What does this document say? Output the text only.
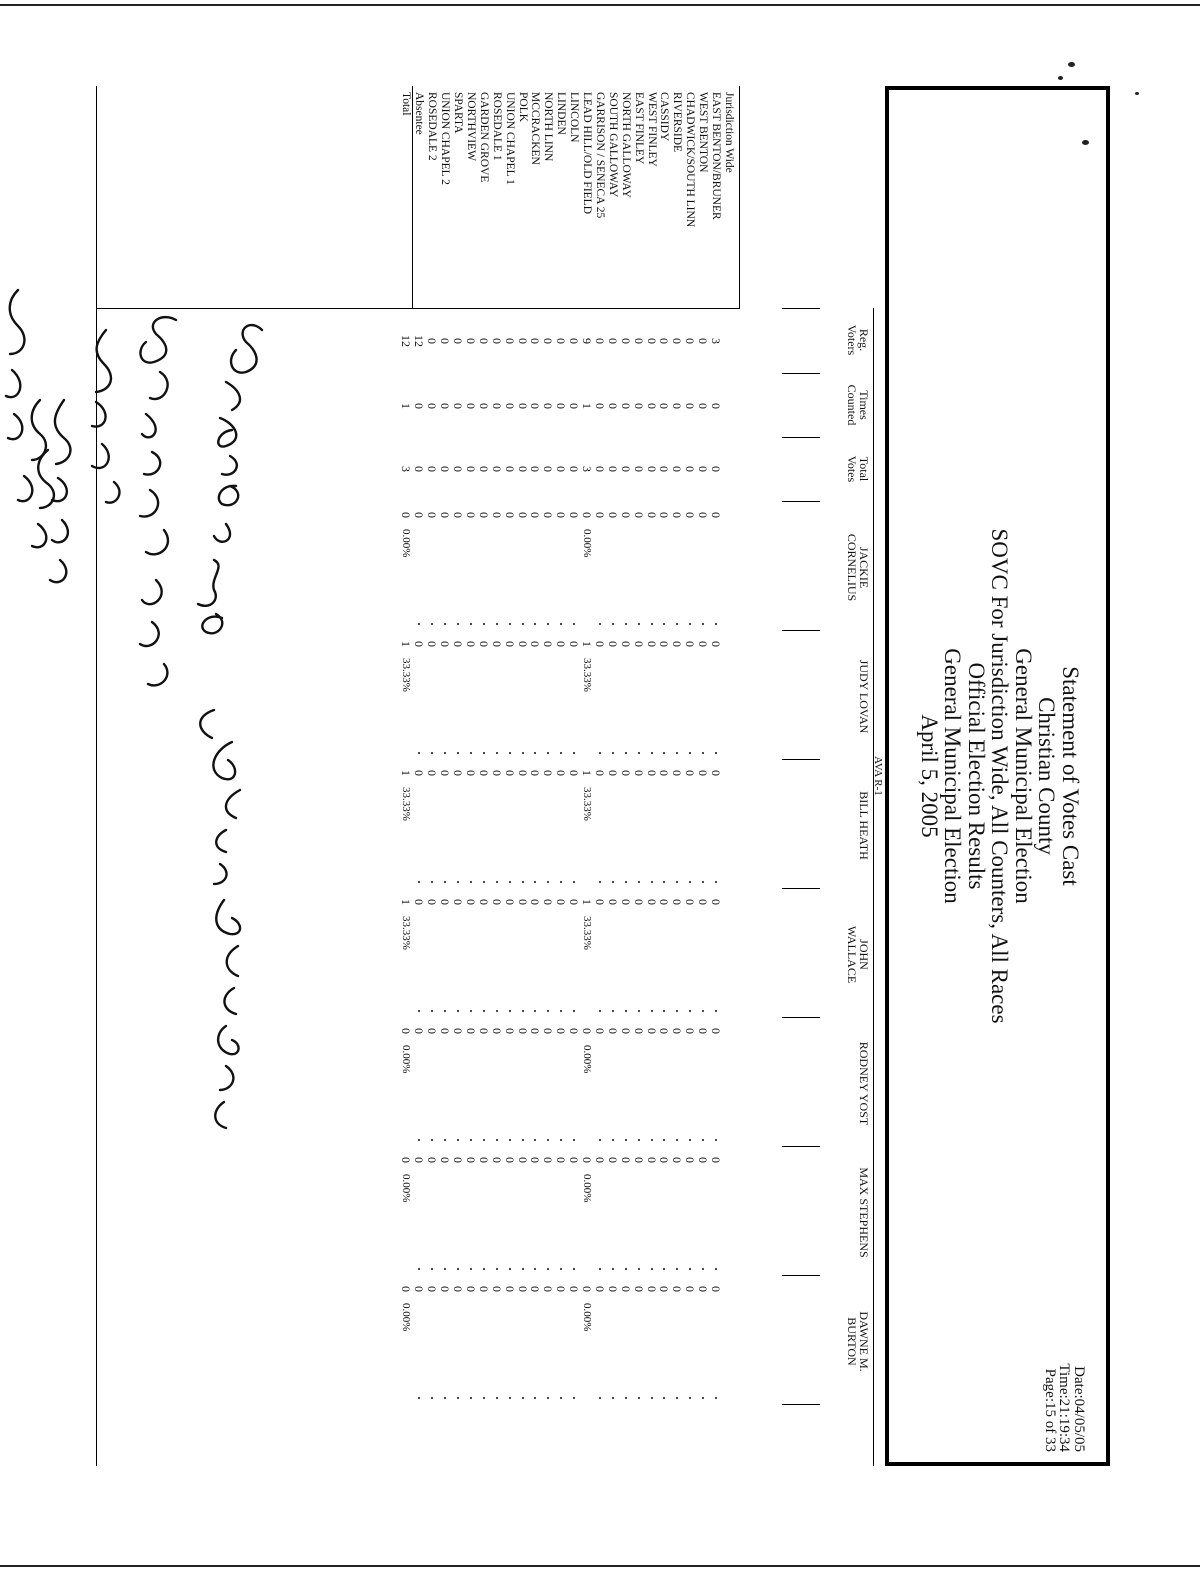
Statement of Votes Cast
Christian County
General Municipal Election
SOVC For Jurisdiction Wide, All Counters, All Races
Official Election Results
General Municipal Election
April 5, 2005
Date:04/05/05
Time:21:19:34
Page:15 of 33
AVA R-1
Reg.
Voters
Times
Counted
Total
Votes
JACKIE
CORNELIUS
JUDY LOVAN
BILL HEATH
JOHN
WALLACE
RODNEY YOST
MAX STEPHENS
DAWNE M.
BURTON
Jurisdiction Wide
EAST BENTON/BRUNER
3
0
0
0
0
0
0
0
0
0
WEST BENTON
0
0
0
0
0
0
0
0
0
0
CHADWICK/SOUTH LINN
0
0
0
0
0
0
0
0
0
0
RIVERSIDE
0
0
0
0
0
0
0
0
0
0
CASSIDY
0
0
0
0
0
0
0
0
0
0
WEST FINLEY
0
0
0
0
0
0
0
0
0
0
EAST FINLEY
0
0
0
0
0
0
0
0
0
0
NORTH GALLOWAY
0
0
0
0
0
0
0
0
0
0
SOUTH GALLOWAY
0
0
0
0
0
0
0
0
0
0
GARRISON / SENECA 25
0
0
0
0
0
0
0
0
0
0
LEAD HILL/OLD FIELD
9
1
3
0
0.00%
1
33.33%
1
33.33%
1
33.33%
0
0.00%
0
0.00%
0
0.00%
LINCOLN
0
0
0
0
0
0
0
0
0
0
LINDEN
0
0
0
0
0
0
0
0
0
0
NORTH LINN
0
0
0
0
0
0
0
0
0
0
MCCRACKEN
0
0
0
0
0
0
0
0
0
0
POLK
0
0
0
0
0
0
0
0
0
0
UNION CHAPEL 1
0
0
0
0
0
0
0
0
0
0
ROSEDALE 1
0
0
0
0
0
0
0
0
0
0
GARDEN GROVE
0
0
0
0
0
0
0
0
0
0
NORTHVIEW
0
0
0
0
0
0
0
0
0
0
SPARTA
0
0
0
0
0
0
0
0
0
0
UNION CHAPEL 2
0
0
0
0
0
0
0
0
0
0
ROSEDALE 2
0
0
0
0
0
0
0
0
0
0
Absentee
12
0
0
0
0
0
0
0
0
0
Total
12
1
3
0
0.00%
1
33.33%
1
33.33%
1
33.33%
0
0.00%
0
0.00%
0
0.00%
